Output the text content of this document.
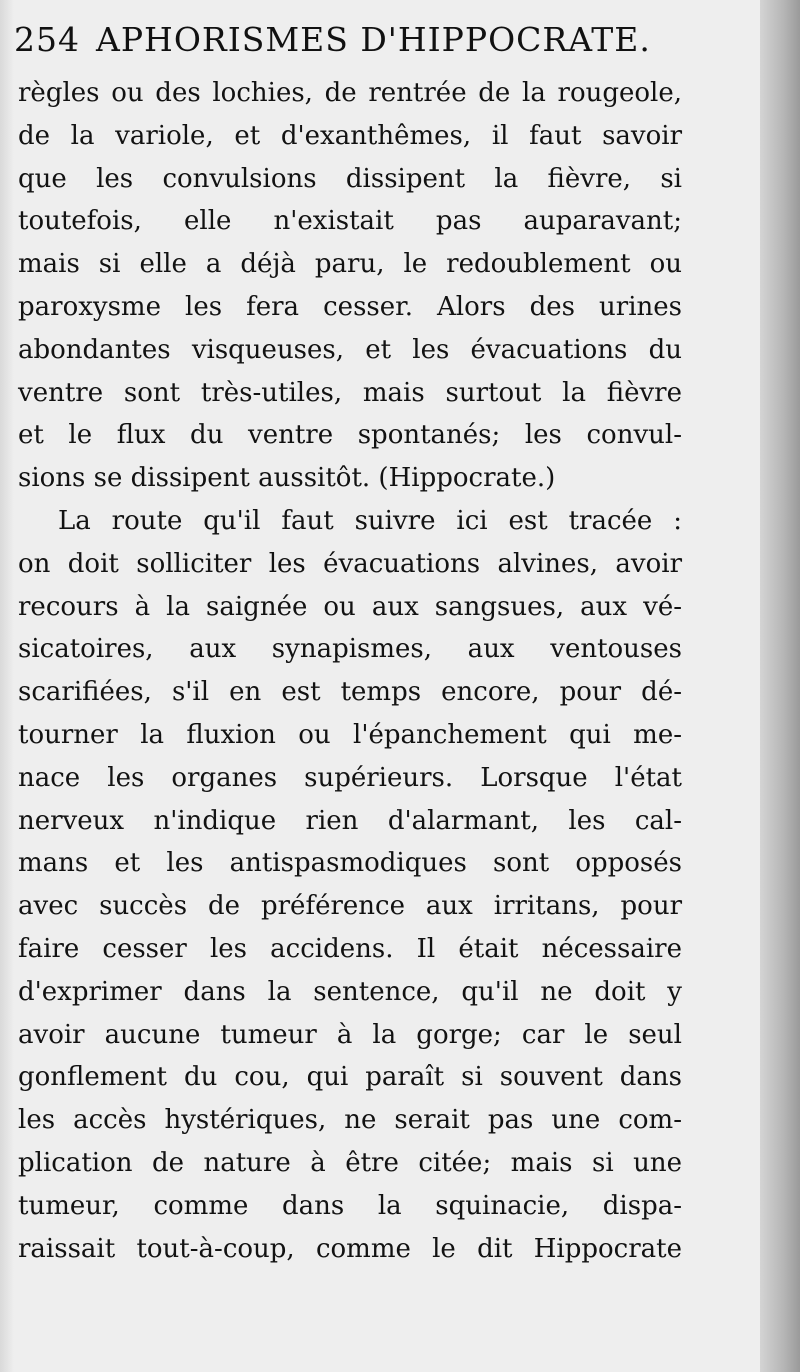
254 APHORISMES D'HIPPOCRATE.
règles ou des lochies, de rentrée de la rougeole,
de la variole, et d'exanthêmes, il faut savoir
que les convulsions dissipent la fièvre, si
toutefois, elle n'existait pas auparavant;
mais si elle a déjà paru, le redoublement ou
paroxysme les fera cesser. Alors des urines
abondantes visqueuses, et les évacuations du
ventre sont très-utiles, mais surtout la fièvre
et le flux du ventre spontanés; les convul-
sions se dissipent aussitôt. (Hippocrate.)
La route qu'il faut suivre ici est tracée :
on doit solliciter les évacuations alvines, avoir
recours à la saignée ou aux sangsues, aux vé-
sicatoires, aux synapismes, aux ventouses
scarifiées, s'il en est temps encore, pour dé-
tourner la fluxion ou l'épanchement qui me-
nace les organes supérieurs. Lorsque l'état
nerveux n'indique rien d'alarmant, les cal-
mans et les antispasmodiques sont opposés
avec succès de préférence aux irritans, pour
faire cesser les accidens. Il était nécessaire
d'exprimer dans la sentence, qu'il ne doit y
avoir aucune tumeur à la gorge; car le seul
gonflement du cou, qui paraît si souvent dans
les accès hystériques, ne serait pas une com-
plication de nature à être citée; mais si une
tumeur, comme dans la squinacie, dispa-
raissait tout-à-coup, comme le dit Hippocrate
